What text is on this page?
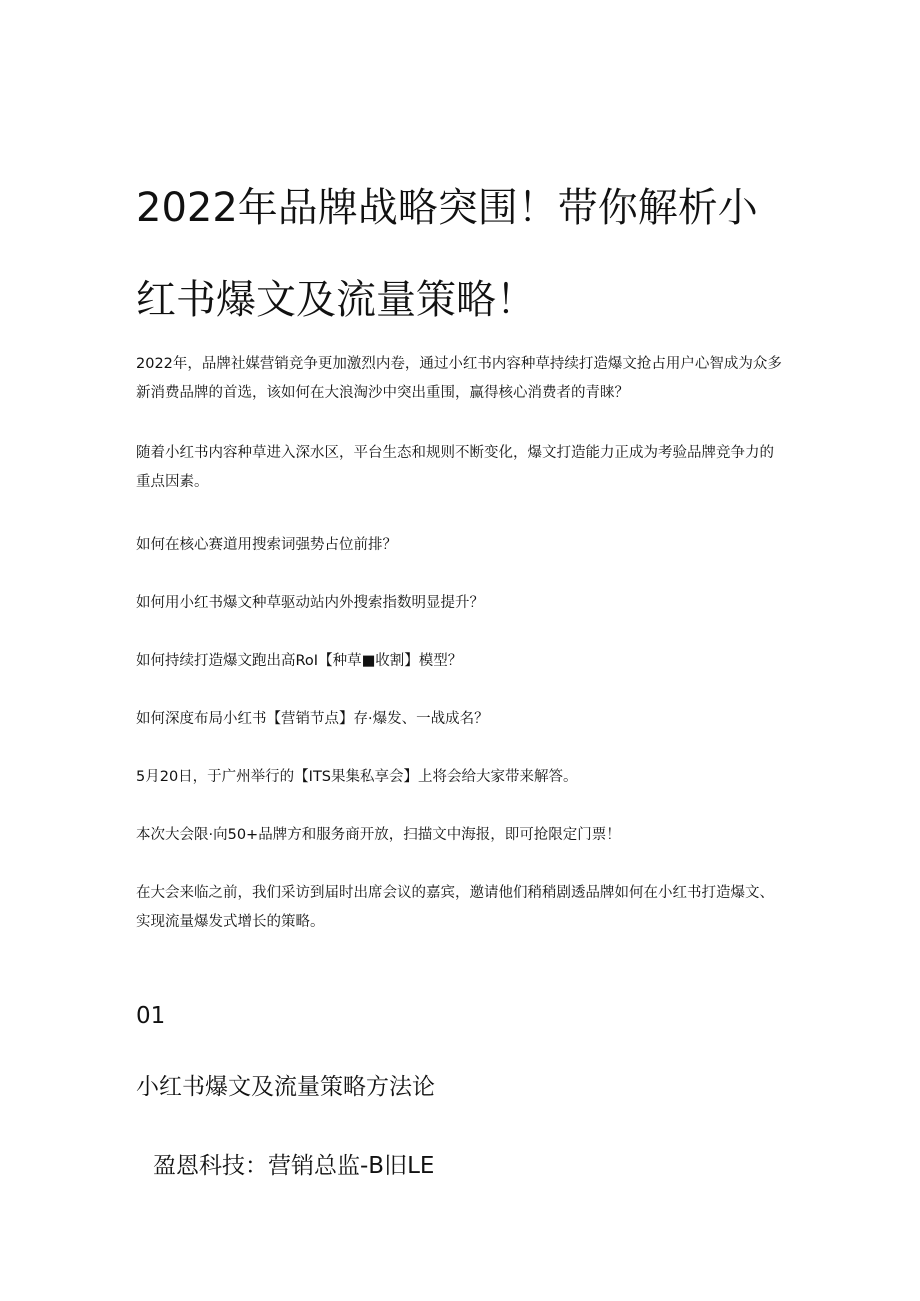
2022年品牌战略突围！带你解析小红书爆文及流量策略！

2022年，品牌社媒营销竞争更加激烈内卷，通过小红书内容种草持续打造爆文抢占用户心智成为众多新消费品牌的首选，该如何在大浪淘沙中突出重围，赢得核心消费者的青睐？

随着小红书内容种草进入深水区，平台生态和规则不断变化，爆文打造能力正成为考验品牌竞争力的重点因素。

如何在核心赛道用搜索词强势占位前排？

如何用小红书爆文种草驱动站内外搜索指数明显提升？

如何持续打造爆文跑出高RoI【种草■收割】模型？

如何深度布局小红书【营销节点】存·爆发、一战成名？

5月20日，于广州举行的【ITS果集私享会】上将会给大家带来解答。

本次大会限·向50+品牌方和服务商开放，扫描文中海报，即可抢限定门票！

在大会来临之前，我们采访到届时出席会议的嘉宾，邀请他们稍稍剧透品牌如何在小红书打造爆文、实现流量爆发式增长的策略。

01
小红书爆文及流量策略方法论
盈恩科技：营销总监-B旧LE
